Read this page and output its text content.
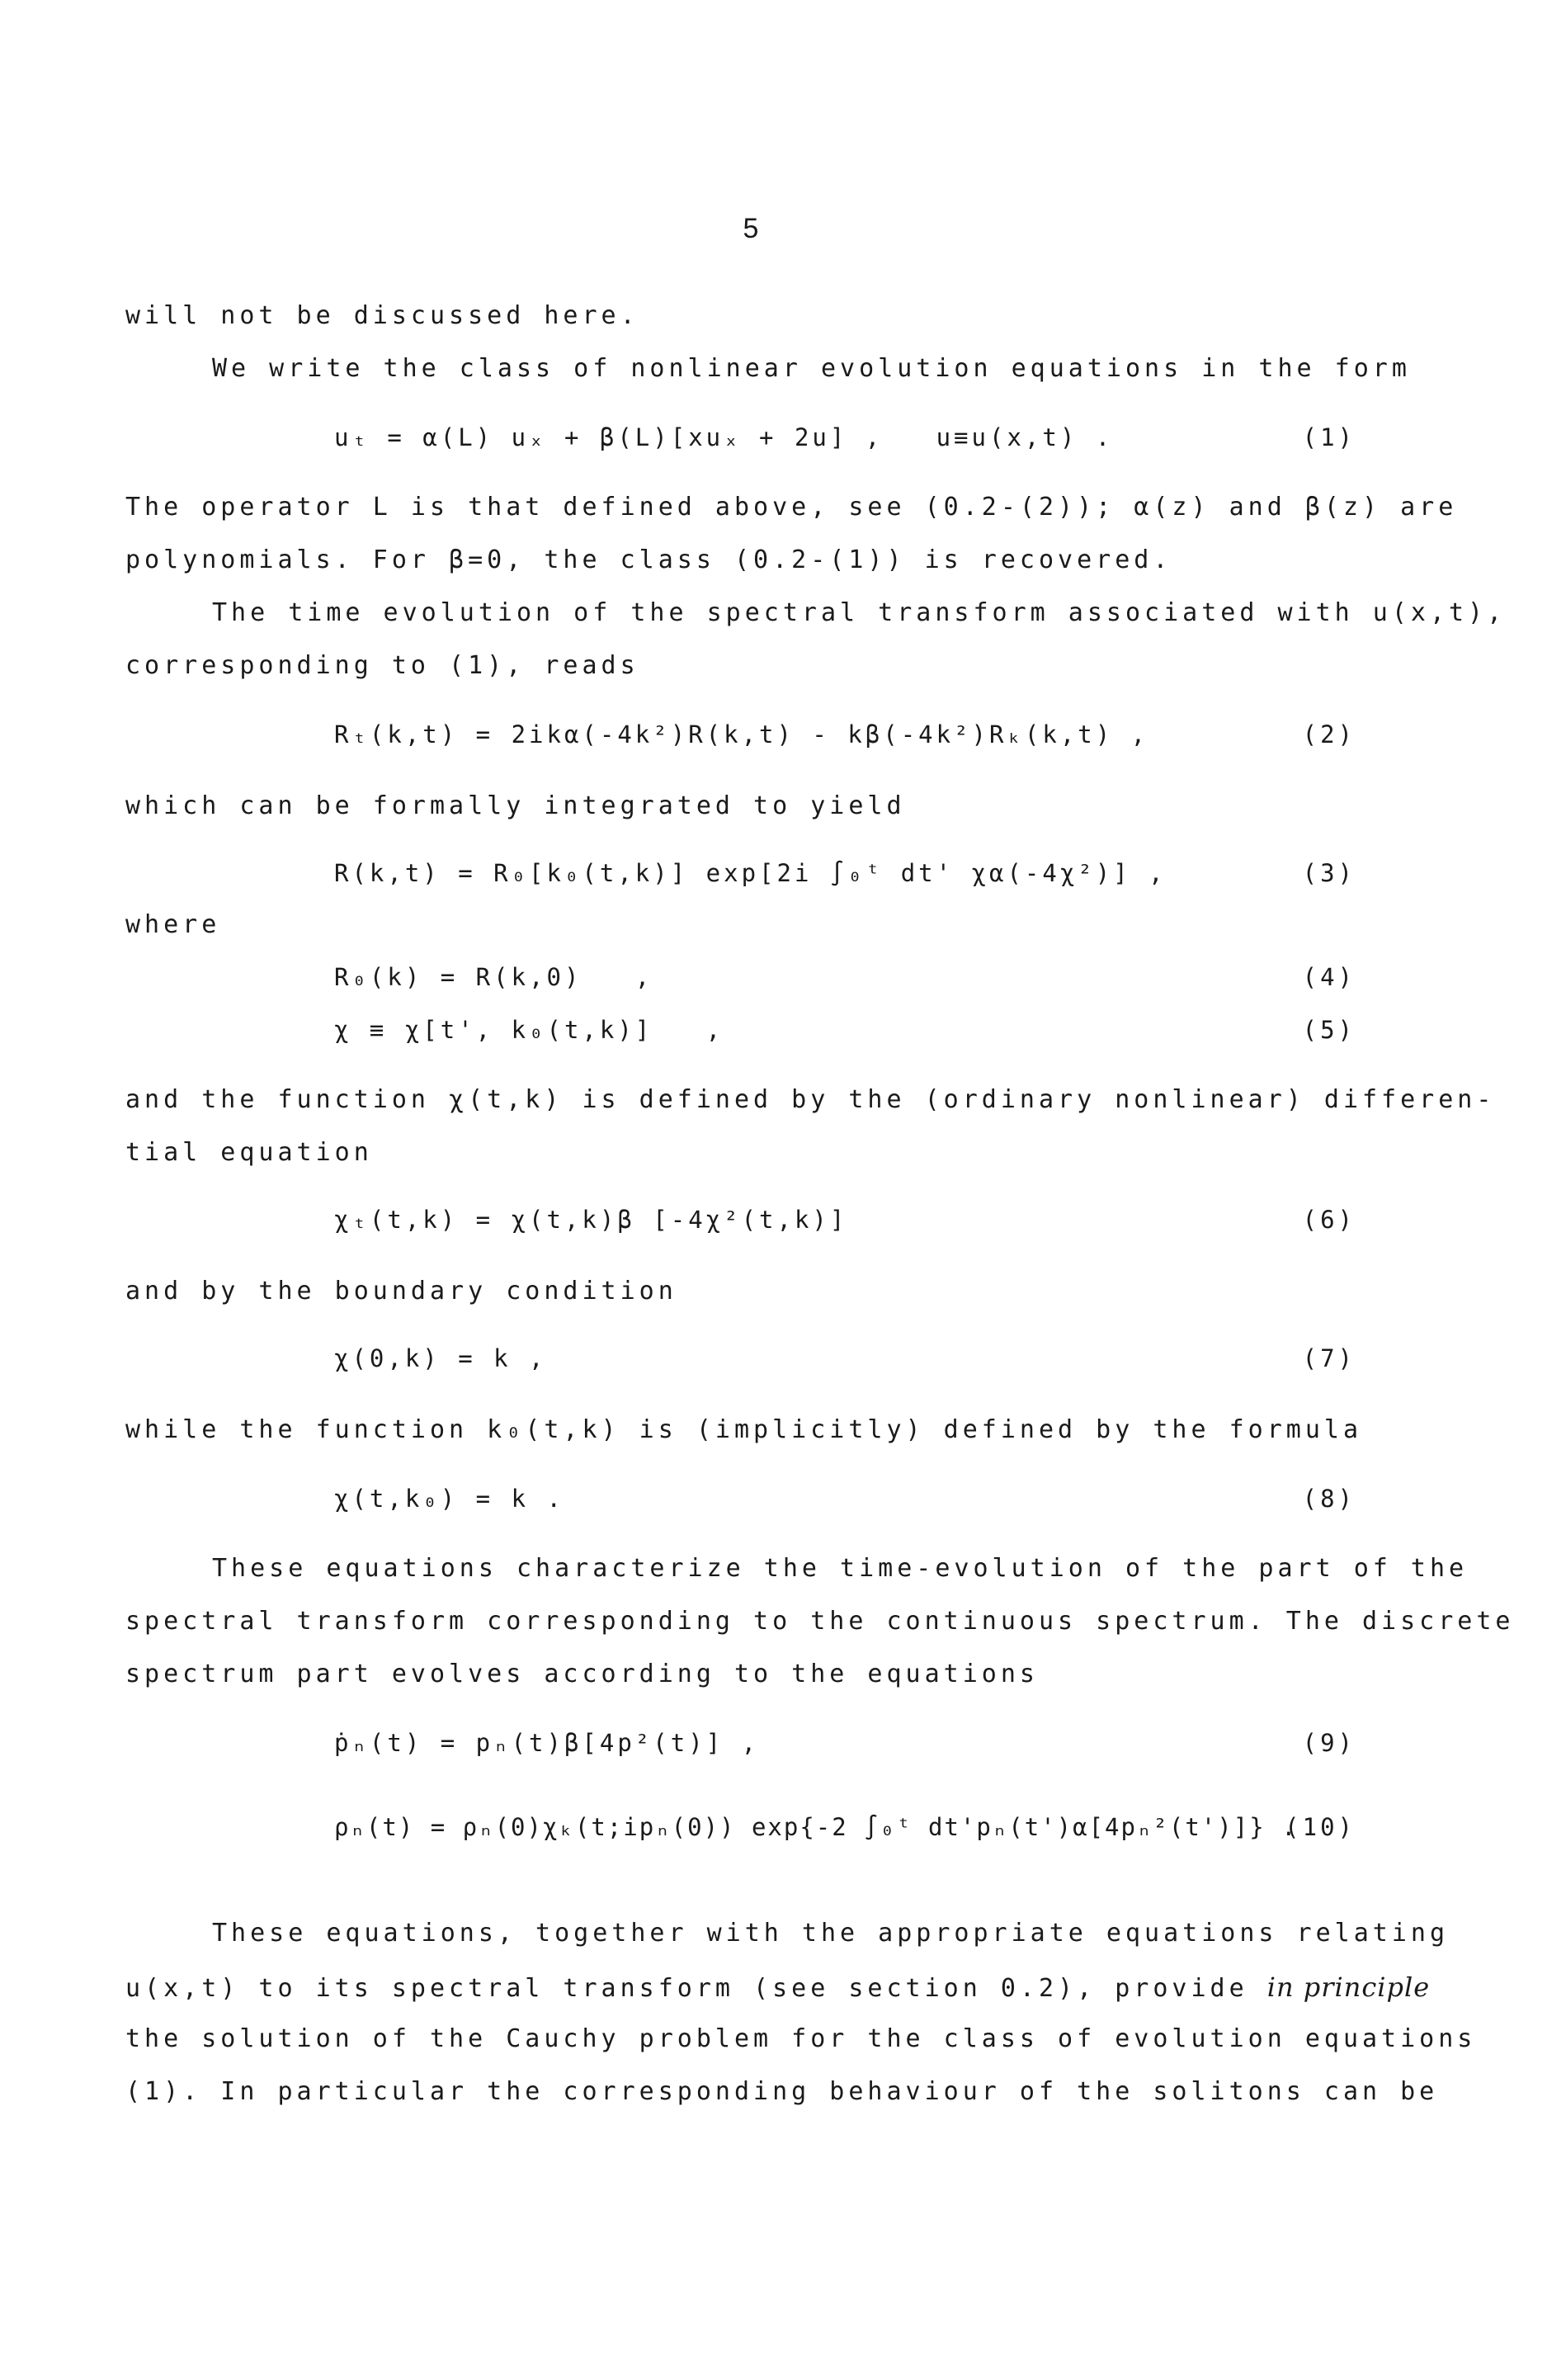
5
will not be discussed here.
We write the class of nonlinear evolution equations in the form
uₜ = α(L) uₓ + β(L)[xuₓ + 2u] ,   u≡u(x,t) .	(1)
The operator L is that defined above, see (0.2-(2)); α(z) and β(z) are
polynomials. For β=0, the class (0.2-(1)) is recovered.
The time evolution of the spectral transform associated with u(x,t),
corresponding to (1), reads
Rₜ(k,t) = 2ikα(-4k²)R(k,t) - kβ(-4k²)Rₖ(k,t) ,	(2)
which can be formally integrated to yield
R(k,t) = R₀[k₀(t,k)] exp[2i ∫₀ᵗ dt' χα(-4χ²)] ,	(3)
where
R₀(k) = R(k,0)   ,	(4)
χ ≡ χ[t', k₀(t,k)]   ,	(5)
and the function χ(t,k) is defined by the (ordinary nonlinear) differen-
tial equation
χₜ(t,k) = χ(t,k)β [-4χ²(t,k)]	(6)
and by the boundary condition
χ(0,k) = k ,	(7)
while the function k₀(t,k) is (implicitly) defined by the formula
χ(t,k₀) = k .	(8)
These equations characterize the time-evolution of the part of the
spectral transform corresponding to the continuous spectrum. The discrete
spectrum part evolves according to the equations
ṗₙ(t) = pₙ(t)β[4p²(t)] ,	(9)
ρₙ(t) = ρₙ(0)χₖ(t;ipₙ(0)) exp{-2 ∫₀ᵗ dt'pₙ(t')α[4pₙ²(t')]} .
(10)
These equations, together with the appropriate equations relating
u(x,t) to its spectral transform (see section 0.2), provide in principle
the solution of the Cauchy problem for the class of evolution equations
(1). In particular the corresponding behaviour of the solitons can be
